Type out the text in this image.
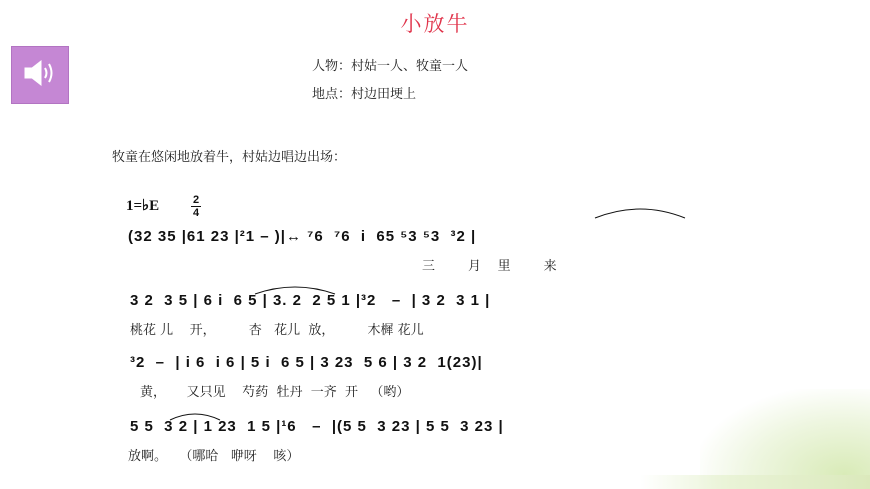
小放牛
人物：村姑一人、牧童一人
地点：村边田埂上
牧童在悠闲地放着牛，村姑边唱边出场：
1=♭E	2
4
(32 35 |61 23 |²1 – )|↔ ⁷6  ⁷6  i  65 ⁵3 ⁵3  ³2 |
三        月    里        来
3 2  3 5 | 6 i  6 5 | 3. 2  2 5 1 |³2   –  | 3 2  3 1 |
桃花 儿    开，        杏   花儿  放，        木樨 花儿
³2  –  | i 6  i 6 | 5 i  6 5 | 3 23  5 6 | 3 2  1(23)|
黄，     又只见    芍药  牡丹  一齐  开   （哟）
5 5  3 2 | 1 23  1 5 |¹6   –  |(5 5  3 23 | 5 5  3 23 |
放啊。   （哪哈   咿呀    咳）
